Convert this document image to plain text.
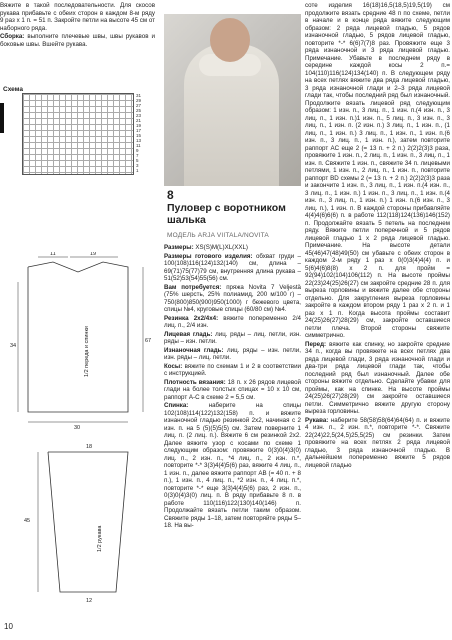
Вяжите в такой последовательности. Для скосов рукава прибавьте с обеих сторон в каждом 8-м ряду 9 раз x 1 п. = 51 п. Закройте петли на высоте 45 см от наборного ряда.

Сборка: выполните плечевые швы, швы рукавов и боковые швы. Вшейте рукава.

Схема
31
29
27
25
23
21
19
17
15
13
11
9
7
5
3
1
11	19
34
67
30
1/2 переда и спинки
45
18
12
1/2 рукава
8
Пуловер с воротником шалька
МОДЕЛЬ ARJA VIITALA/NOVITA

Размеры: XS(S)M(L)XL(XXL)

Размеры готового изделия: обхват груди – 100(108)116(124)132(140) см, длина – 69(71)75(77)79 см, внутренняя длина рукава – 51(52)53(54)55(56) см.

Вам потребуется: пряжа Novita 7 Veljestä (75% шерсть, 25% полиамид, 200 м/100 г) – 750(800)850(900)950(1000) г бежевого цвета, спицы №4, круговые спицы (60/80 см) №4.

Резинка 2x2/4x4: вяжите попеременно 2/4 лиц. п., 2/4 изн.

Лицевая гладь: лиц. ряды – лиц. петли, изн. ряды – изн. петли.

Изнаночная гладь: лиц. ряды – изн. петли, изн. ряды – лиц. петли.

Косы: вяжите по схемам 1 и 2 в соответствии с инструкцией.

Плотность вязания: 18 п. x 26 рядов лицевой глади на более толстых спицах = 10 x 10 см, раппорт А-С в схеме 2 = 5,5 см.

Спинка:	наберите на спицы 102(108)114(122)132(158) п. и вяжите изнаночной гладью резинкой 2x2, начиная с 2 изн. п. на 5 (5)(5)5(5) см. Затем поверните 1 лиц. п. (2 лиц. п.). Вяжите 6 см резинкой 2x2. Далее вяжите узор с косами по схеме 1 следующим образом: провяжите 0(3)0(4)3(0) лиц. п., 2 изн. п., *4 лиц. п., 2 изн. п.*, повторите *-* 3(3)4(4)5(6) раз, вяжите 4 лиц. п., 1 изн. п., далее вяжите раппорт АВ (= 40 п. + 8 п.), 1 изн. п., 4 лиц. п., *2 изн. п., 4 лиц. п.*, повторите *-* еще 3(3)4(4)5(6) раз, 2 изн. п., 0(3)0(4)3(0) лиц. п. В ряду прибавьте 8 п. в работе 110(116)122(130)140(146) п. Продолжайте вязать петли таким образом. Свяжите ряды 1–18, затем повторяйте ряды 5–18. На вы-

соте изделия 16(18)16,5(18,5)19,5(19) см продолжите вязать средние 48 п по схеме, петли в начале и в конце ряда вяжите следующим образом: 2 ряда лицевой гладью, 5 рядов изнаночной гладью, 5 рядов лицевой гладью, повторите *-* 6(6)7(7)8 раз. Провяжите еще 3 ряда изнаночной и 3 ряда лицевой гладью. Примечание. Убавьте в последнем ряду в середине каждой косы 2 п.= 104(110)116(124)134(140) п. В следующем ряду на всех петлях вяжите два ряда лицевой гладью, 3 ряда изнаночной глади и 2–3 ряда лицевой глади так, чтобы последний ряд был изнаночный. Продолжите вязать лицевой ряд следующим образом: 1 изн. п., 3 лиц. п., 1 изн. п.(4 изн. п., 3 лиц. п., 1 изн. п.)1 изн. п., 5 лиц. п., 3 изн. п., 3 лиц. п., 1 изн. п. (2 изн. п.) 3 лиц. п., 1 изн. п., (1 лиц. п., 1 изн. п.) 3 лиц. п., 1 изн. п., 1 изн. п.(6 изн. п., 3 лиц. п., 1 изн. п.), затем повторите раппорт AC еще 2 (= 13 п. + 2 п.) 2(2)2(3)3 раза, провяжите 1 изн. п., 2 лиц. п., 1 изн. п., 3 лиц. п., 1 изн. п. Свяжите 1 изн. п., свяжите 34 п. лицевыми петлями, 1 изн. п., 2 лиц. п., 1 изн. п., повторите раппорт BD схемы 2 (= 13 п. + 2 п.) 2(2)2(3)3 раза и закончите 1 изн. п., 3 лиц. п., 1 изн. п.(4 изн. п., 3 лиц. п., 1 изн. п.) 1 изн. п., 3 лиц. п., 1 изн. п.(4 изн. п., 3 лиц. п., 1 изн. п.) 1 изн. п.(6 изн. п., 3 лиц. п.), 1 изн. п. В каждой стороны прибавляйте 4(4)4(6)6(6) п. в работе 112(118)124(136)146(152) п. Продолжайте вязать 5 петель на последнем ряду. Вяжите петли поперечной и 5 рядов лицевой гладью 1 х 2 ряда лицевой гладью. Примечание. На высоте детали 45(46)47(48)49(50) см убавьте с обеих сторон в каждом 2-м ряду 1 раз x 0(0)3(4)4(4) п. и 5(6)4(6)8(8) x 2 п. для пройм = 92(94)102(104)106(112) п. На высоте проймы 22(23)24(25)26(27) см закройте средние 28 п. для выреза горловины и вяжите далее обе стороны отдельно. Для закругления выреза горловины закройте в каждом втором ряду 1 раз x 2 п. и 1 раз x 1 п. Когда высота проймы составит 24(25)26(27)28(29) см, закройте оставшиеся петли плеча. Второй стороны свяжите симметрично.

Перед: вяжите как спинку, но закройте средние 34 п., когда вы провяжете на всех петлях два ряда лицевой глади, 3 ряда изнаночной глади и два-три ряда лицевой глади так, чтобы последний ряд был изнаночный. Далее обе стороны вяжите отдельно. Сделайте убавки для проймы, как на спинке. На высоте проймы 24(25)26(27)28(29) см закройте оставшиеся петли. Симметрично вяжите другую сторону выреза горловины.

Рукава: наберите 58(58)58(64)64(64) п. и вяжите 4 изн. п., 2 изн. п.*, повторите *-*. Свяжите 22(24)22,5(24,5)25,5(25) см резинки. Затем провяжите на всех петлях 2 ряда лицевой гладью, 3 ряда изнаночной гладью. В дальнейшем попеременно вяжите 5 рядов лицевой гладью

10
